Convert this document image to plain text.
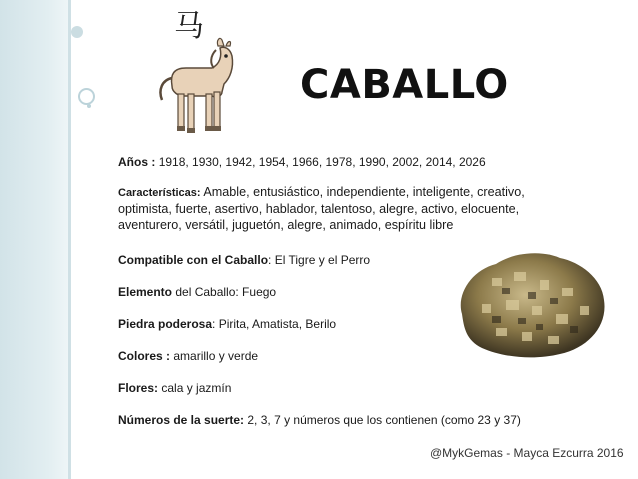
马
CABALLO
Años : 1918, 1930, 1942, 1954, 1966, 1978, 1990, 2002, 2014, 2026
Características: Amable, entusiástico, independiente, inteligente, creativo, optimista, fuerte, asertivo, hablador, talentoso, alegre, activo, elocuente, aventurero, versátil, juguetón, alegre, animado, espíritu libre
Compatible con el Caballo: El Tigre y el Perro
Elemento del Caballo: Fuego
Piedra poderosa: Pirita, Amatista, Berilo
Colores : amarillo y verde
Flores: cala y jazmín
Números de la suerte: 2, 3, 7 y números que los contienen (como 23 y 37)
@MykGemas - Mayca Ezcurra 2016
